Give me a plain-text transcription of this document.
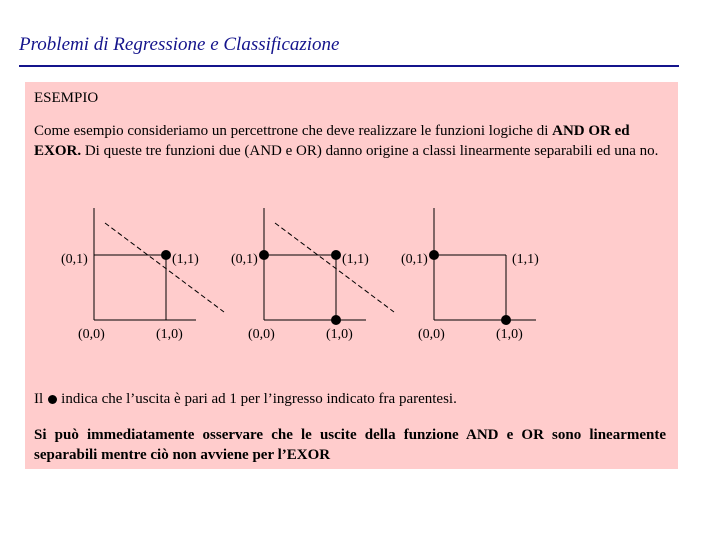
Problemi di Regressione e Classificazione
ESEMPIO
Come esempio consideriamo un percettrone che deve realizzare le funzioni logiche di AND OR ed EXOR. Di queste tre funzioni due (AND e OR) danno origine a classi linearmente separabili ed una no.
(0,1)	(1,1)
(0,0)	(1,0)
(0,1)	(1,1)
(0,0)	(1,0)
(0,1)	(1,1)
(0,0)	(1,0)
Il indica che l’uscita è pari ad 1 per l’ingresso indicato fra parentesi.
Si può immediatamente osservare che le uscite della funzione AND e OR sono linearmente separabili mentre ciò non avviene per l’EXOR
